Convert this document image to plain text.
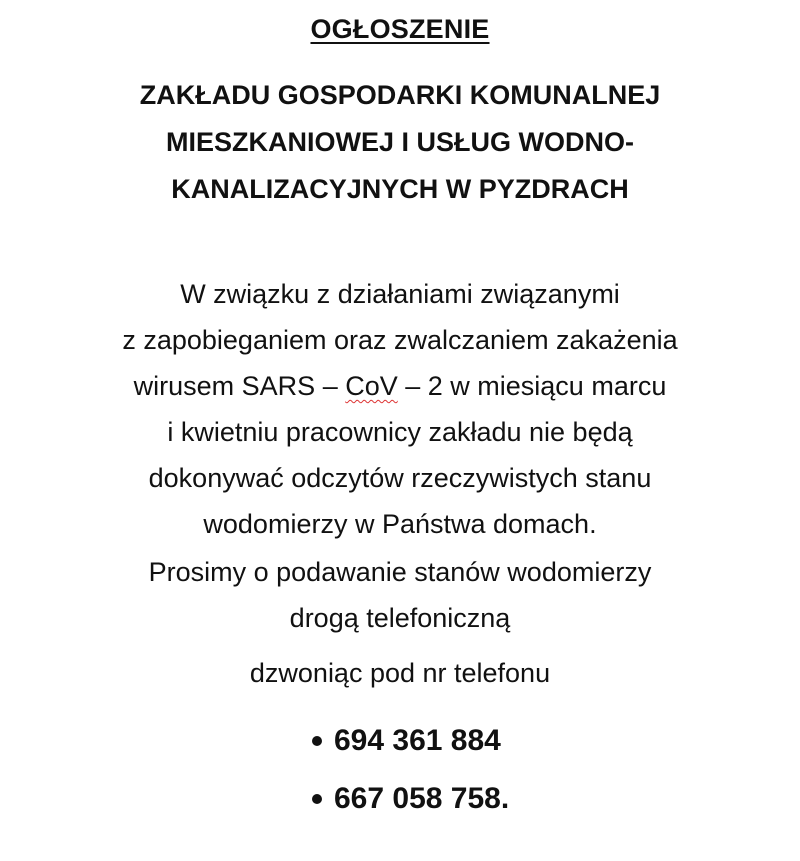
OGŁOSZENIE
ZAKŁADU GOSPODARKI KOMUNALNEJ
MIESZKANIOWEJ I USŁUG WODNO-
KANALIZACYJNYCH W PYZDRACH
W związku z działaniami związanymi
z zapobieganiem oraz zwalczaniem zakażenia
wirusem SARS – CoV – 2 w miesiącu marcu
i kwietniu pracownicy zakładu nie będą
dokonywać odczytów rzeczywistych stanu
wodomierzy w Państwa domach.
Prosimy o podawanie stanów wodomierzy
drogą telefoniczną
dzwoniąc pod nr telefonu
694 361 884
667 058 758.
